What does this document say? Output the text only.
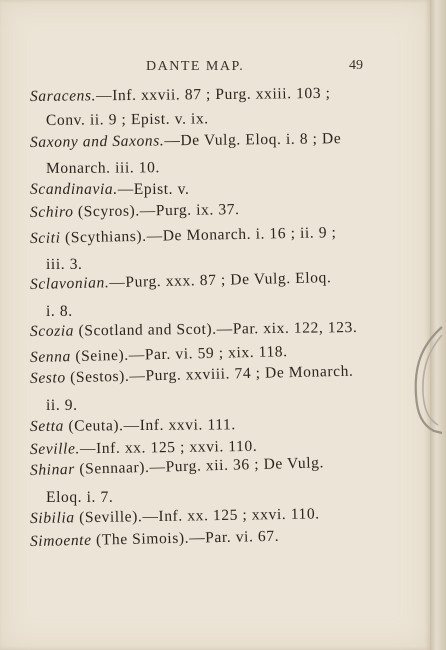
DANTE MAP.	49
Saracens.—Inf. xxvii. 87 ; Purg. xxiii. 103 ;
Conv. ii. 9 ; Epist. v. ix.
Saxony and Saxons.—De Vulg. Eloq. i. 8 ; De
Monarch. iii. 10.
Scandinavia.—Epist. v.
Schiro (Scyros).—Purg. ix. 37.
Sciti (Scythians).—De Monarch. i. 16 ; ii. 9 ;
iii. 3.
Sclavonian.—Purg. xxx. 87 ; De Vulg. Eloq.
i. 8.
Scozia (Scotland and Scot).—Par. xix. 122, 123.
Senna (Seine).—Par. vi. 59 ; xix. 118.
Sesto (Sestos).—Purg. xxviii. 74 ; De Monarch.
ii. 9.
Setta (Ceuta).—Inf. xxvi. 111.
Seville.—Inf. xx. 125 ; xxvi. 110.
Shinar (Sennaar).—Purg. xii. 36 ; De Vulg.
Eloq. i. 7.
Sibilia (Seville).—Inf. xx. 125 ; xxvi. 110.
Simoente (The Simois).—Par. vi. 67.
